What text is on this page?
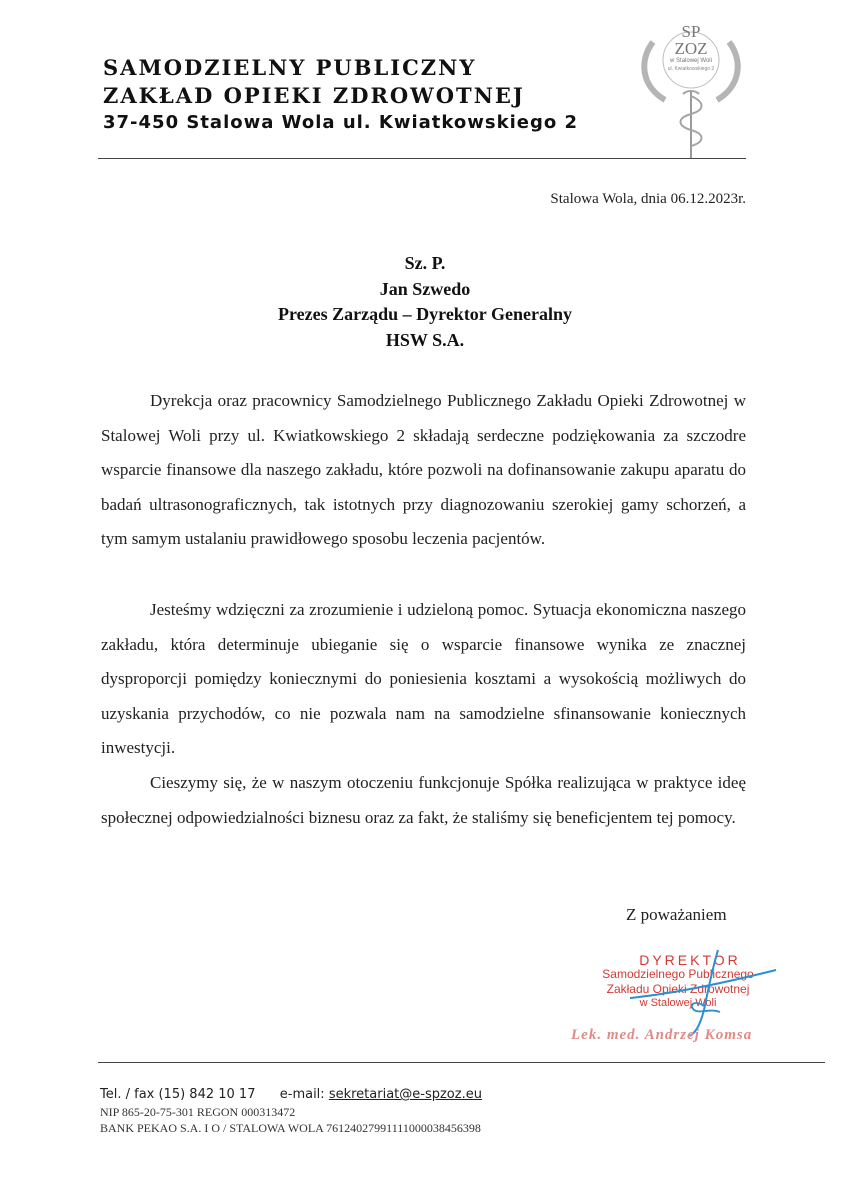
SAMODZIELNY PUBLICZNY
ZAKŁAD OPIEKI ZDROWOTNEJ
37-450 Stalowa Wola ul. Kwiatkowskiego 2
SP
ZOZ
w Stalowej Woli
ul. Kwiatkowskiego 2
Stalowa Wola, dnia 06.12.2023r.
Sz. P.
Jan Szwedo
Prezes Zarządu – Dyrektor Generalny
HSW S.A.

Dyrekcja oraz pracownicy Samodzielnego Publicznego Zakładu Opieki Zdrowotnej w Stalowej Woli przy ul. Kwiatkowskiego 2 składają serdeczne podziękowania za szczodre wsparcie finansowe dla naszego zakładu, które pozwoli na dofinansowanie zakupu aparatu do badań ultrasonograficznych, tak istotnych przy diagnozowaniu szerokiej gamy schorzeń, a tym samym ustalaniu prawidłowego sposobu leczenia pacjentów.

Jesteśmy wdzięczni za zrozumienie i udzieloną pomoc. Sytuacja ekonomiczna naszego zakładu, która determinuje ubieganie się o wsparcie finansowe wynika ze znacznej dysproporcji pomiędzy koniecznymi do poniesienia kosztami a wysokością możliwych do uzyskania przychodów, co nie pozwala nam na samodzielne sfinansowanie koniecznych inwestycji.

Cieszymy się, że w naszym otoczeniu funkcjonuje Spółka realizująca w praktyce ideę społecznej odpowiedzialności biznesu oraz za fakt, że staliśmy się beneficjentem tej pomocy.

Z poważaniem
DYREKTOR
Samodzielnego Publicznego
Zakładu Opieki Zdrowotnej
w Stalowej Woli
Lek. med. Andrzej Komsa
Tel. / fax (15) 842 10 17 e-mail: sekretariat@e-spzoz.eu
NIP 865-20-75-301 REGON 000313472
BANK PEKAO S.A. I O / STALOWA WOLA 76124027991111000038456398
